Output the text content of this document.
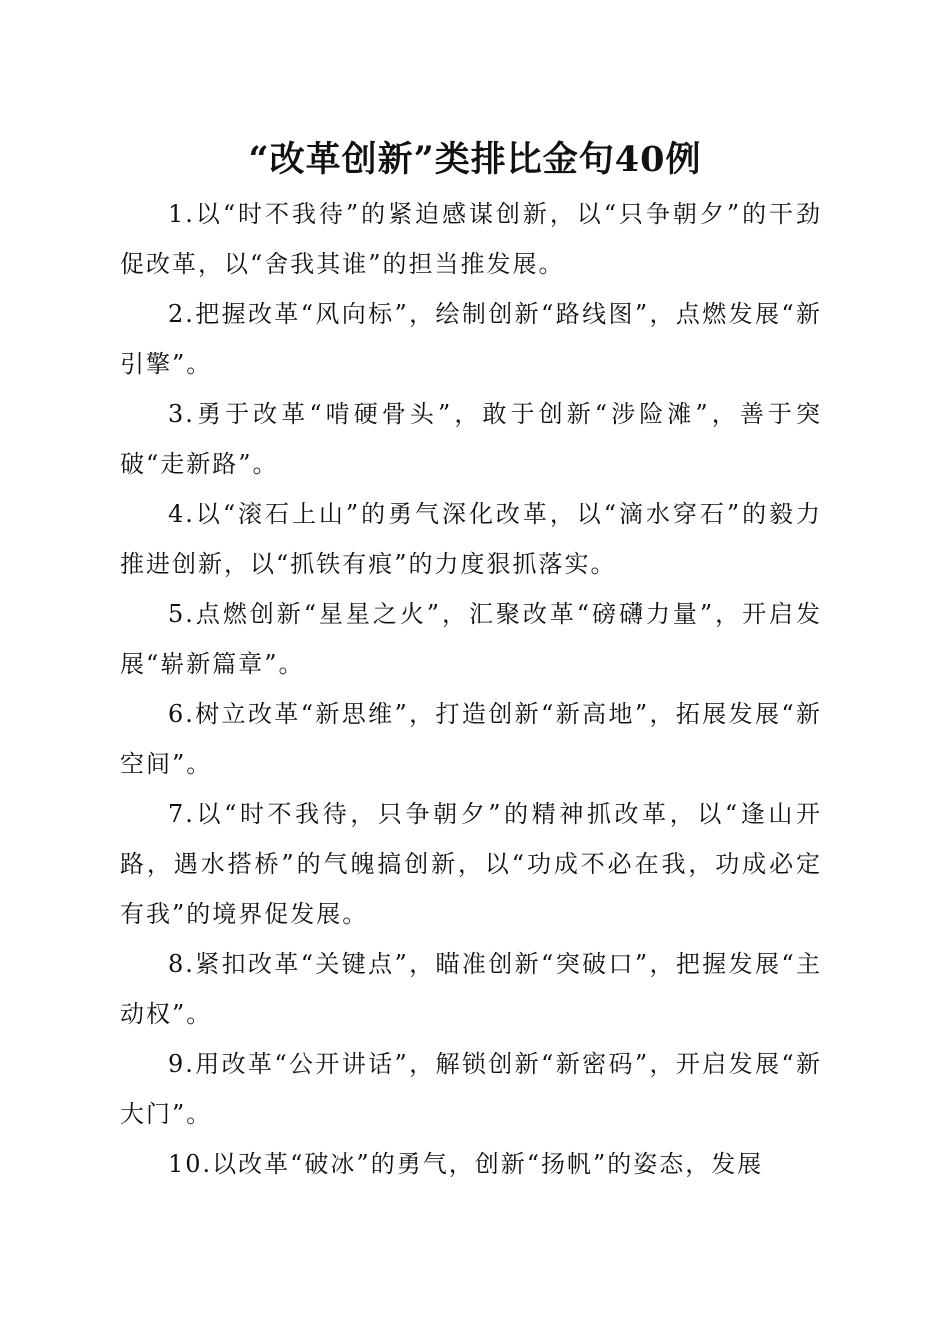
“改革创新”类排比金句40例

1.以“时不我待”的紧迫感谋创新，以“只争朝夕”的干劲促改革，以“舍我其谁”的担当推发展。

2.把握改革“风向标”，绘制创新“路线图”，点燃发展“新引擎”。

3.勇于改革“啃硬骨头”，敢于创新“涉险滩”，善于突破“走新路”。

4.以“滚石上山”的勇气深化改革，以“滴水穿石”的毅力推进创新，以“抓铁有痕”的力度狠抓落实。

5.点燃创新“星星之火”，汇聚改革“磅礴力量”，开启发展“崭新篇章”。

6.树立改革“新思维”，打造创新“新高地”，拓展发展“新空间”。

7.以“时不我待，只争朝夕”的精神抓改革，以“逢山开路，遇水搭桥”的气魄搞创新，以“功成不必在我，功成必定有我”的境界促发展。

8.紧扣改革“关键点”，瞄准创新“突破口”，把握发展“主动权”。

9.用改革“公开讲话”，解锁创新“新密码”，开启发展“新大门”。

10.以改革“破冰”的勇气，创新“扬帆”的姿态，发展
